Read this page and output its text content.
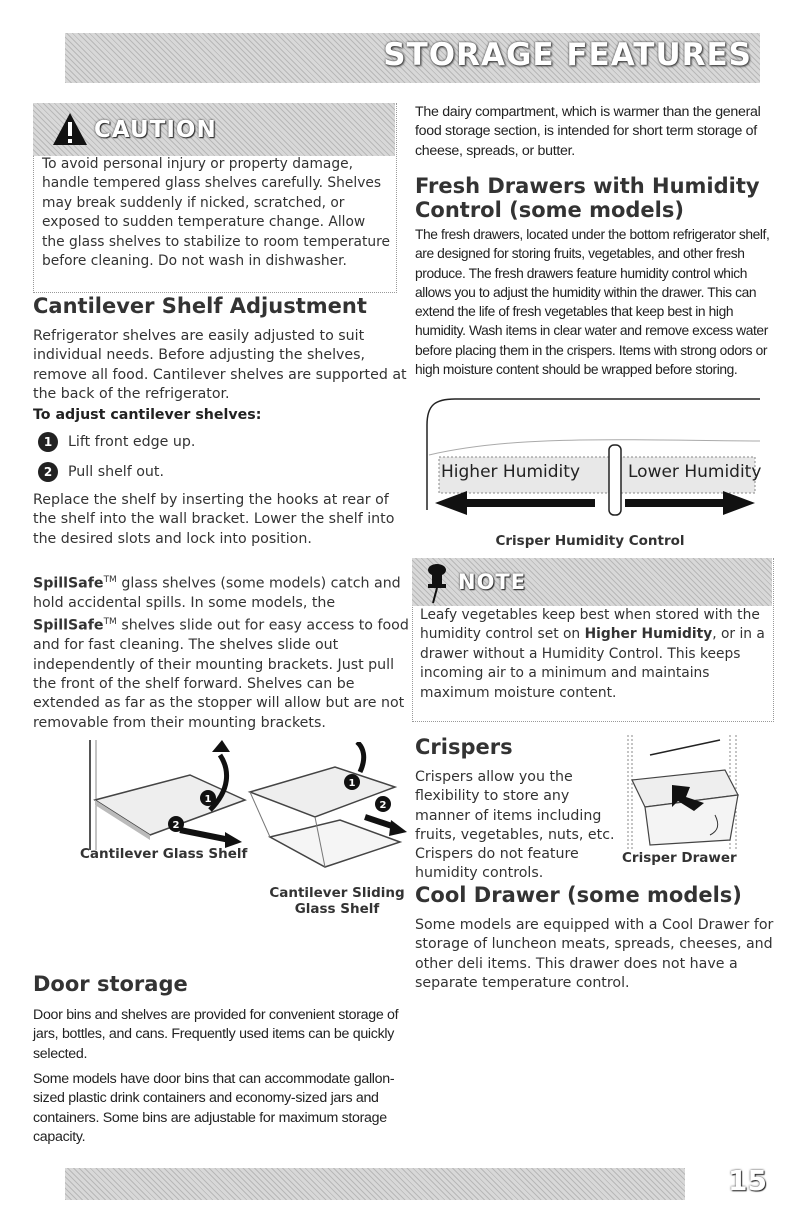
STORAGE FEATURES
CAUTION

To avoid personal injury or property damage, handle tempered glass shelves carefully. Shelves may break suddenly if nicked, scratched, or exposed to sudden temperature change. Allow the glass shelves to stabilize to room temperature before cleaning. Do not wash in dishwasher.

Cantilever Shelf Adjustment

Refrigerator shelves are easily adjusted to suit individual needs. Before adjusting the shelves, remove all food. Cantilever shelves are supported at the back of the refrigerator.

To adjust cantilever shelves:
1 Lift front edge up.
2 Pull shelf out.

Replace the shelf by inserting the hooks at rear of the shelf into the wall bracket. Lower the shelf into the desired slots and lock into position.

SpillSafe™ glass shelves (some models) catch and hold accidental spills. In some models, the SpillSafe™ shelves slide out for easy access to food and for fast cleaning. The shelves slide out independently of their mounting brackets. Just pull the front of the shelf forward. Shelves can be extended as far as the stopper will allow but are not removable from their mounting brackets.

1
2
Cantilever Glass Shelf
1
2
Cantilever Sliding
Glass Shelf
Door storage

Door bins and shelves are provided for convenient storage of jars, bottles, and cans. Frequently used items can be quickly selected.

Some models have door bins that can accommodate gallon-sized plastic drink containers and economy-sized jars and containers. Some bins are adjustable for maximum storage capacity.

The dairy compartment, which is warmer than the general food storage section, is intended for short term storage of cheese, spreads, or butter.

Fresh Drawers with Humidity
Control (some models)

The fresh drawers, located under the bottom refrigerator shelf, are designed for storing fruits, vegetables, and other fresh produce. The fresh drawers feature humidity control which allows you to adjust the humidity within the drawer. This can extend the life of fresh vegetables that keep best in high humidity. Wash items in clear water and remove excess water before placing them in the crispers. Items with strong odors or high moisture content should be wrapped before storing.

Higher Humidity	Lower Humidity
Crisper Humidity Control
NOTE

Leafy vegetables keep best when stored with the humidity control set on Higher Humidity, or in a drawer without a Humidity Control. This keeps incoming air to a minimum and maintains maximum moisture content.

Crispers

Crispers allow you the flexibility to store any manner of items including fruits, vegetables, nuts, etc. Crispers do not feature humidity controls.

Crisper Drawer
Cool Drawer (some models)

Some models are equipped with a Cool Drawer for storage of luncheon meats, spreads, cheeses, and other deli items. This drawer does not have a separate temperature control.

15
